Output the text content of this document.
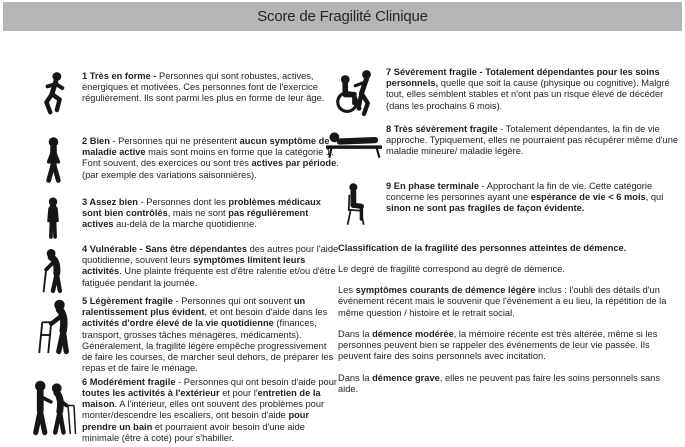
Score de Fragilité Clinique

1 Très en forme - Personnes qui sont robustes, actives, énergiques et motivées. Ces personnes font de l'exercice régulièrement. Ils sont parmi les plus en forme de leur âge.

2 Bien - Personnes qui ne présentent aucun symptôme de maladie active mais sont moins en forme que la catégorie 1. Font souvent, des exercices ou sont très actives par période. (par exemple des variations saisonnières).

3 Assez bien - Personnes dont les problèmes médicaux sont bien contrôlés, mais ne sont pas régulièrement actives au-delà de la marche quotidienne.

4 Vulnérable - Sans être dépendantes des autres pour l'aide quotidienne, souvent leurs symptômes limitent leurs activités. Une plainte fréquente est d'être ralentie et/ou d'être fatiguée pendant la journée.

5 Légèrement fragile - Personnes qui ont souvent un ralentissement plus évident, et ont besoin d'aide dans les activités d'ordre élevé de la vie quotidienne (finances, transport, grosses tâches ménagères, médicaments). Généralement, la fragilité légère empêche progressivement de faire les courses, de marcher seul dehors, de préparer les repas et de faire le ménage.

6 Modérément fragile - Personnes qui ont besoin d'aide pour toutes les activités à l'extérieur et pour l'entretien de la maison. A l'intérieur, elles ont souvent des problèmes pour monter/descendre les escaliers, ont besoin d'aide pour prendre un bain et pourraient avoir besoin d'une aide minimale (être à coté) pour s'habiller.

7 Sévèrement fragile - Totalement dépendantes pour les soins personnels, quelle que soit la cause (physique ou cognitive). Malgré tout, elles semblent stables et n'ont pas un risque élevé de décéder (dans les prochains 6 mois).

8 Très sévèrement fragile - Totalement dépendantes, la fin de vie approche. Typiquement, elles ne pourraient pas récupérer même d'une maladie mineure/ maladie légère.

9 En phase terminale - Approchant la fin de vie. Cette catégorie concerne les personnes ayant une espérance de vie < 6 mois, qui sinon ne sont pas fragiles de façon évidente.

Classification de la fragilité des personnes atteintes de démence.

Le degré de fragilité correspond au degré de démence.

Les symptômes courants de démence légère inclus : l'oubli des détails d'un événement récent mais le souvenir que l'événement a eu lieu, la répétition de la même question / histoire et le retrait social.

Dans la démence modérée, la mémoire récente est très altérée, même si les personnes peuvent bien se rappeler des événements de leur vie passée. Ils peuvent faire des soins personnels avec incitation.

Dans la démence grave, elles ne peuvent pas faire les soins personnels sans aide.
